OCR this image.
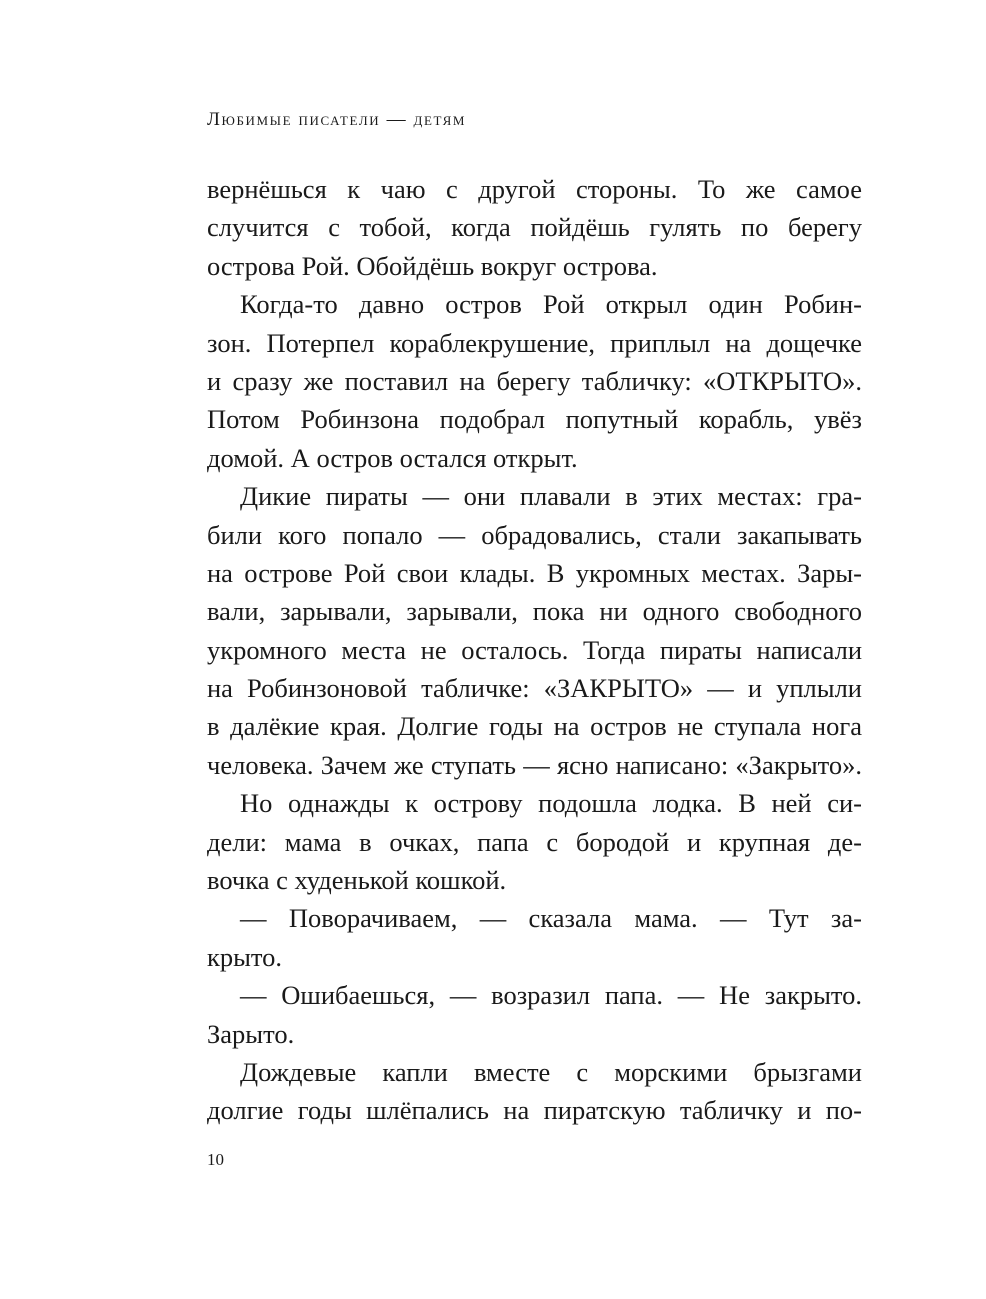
Любимые писатели — детям
вернёшься к чаю с другой стороны. То же самое
случится с тобой, когда пойдёшь гулять по берегу
острова Рой. Обойдёшь вокруг острова.
Когда-то давно остров Рой открыл один Робин-
зон. Потерпел кораблекрушение, приплыл на дощечке
и сразу же поставил на берегу табличку: «ОТКРЫТО».
Потом Робинзона подобрал попутный корабль, увёз
домой. А остров остался открыт.
Дикие пираты — они плавали в этих местах: гра-
били кого попало — обрадовались, стали закапывать
на острове Рой свои клады. В укромных местах. Зары-
вали, зарывали, зарывали, пока ни одного свободного
укромного места не осталось. Тогда пираты написали
на Робинзоновой табличке: «ЗАКРЫТО» — и уплыли
в далёкие края. Долгие годы на остров не ступала нога
человека. Зачем же ступать — ясно написано: «Закрыто».
Но однажды к острову подошла лодка. В ней си-
дели: мама в очках, папа с бородой и крупная де-
вочка с худенькой кошкой.
— Поворачиваем, — сказала мама. — Тут за-
крыто.
— Ошибаешься, — возразил папа. — Не закрыто.
Зарыто.
Дождевые капли вместе с морскими брызгами
долгие годы шлёпались на пиратскую табличку и по-
10
